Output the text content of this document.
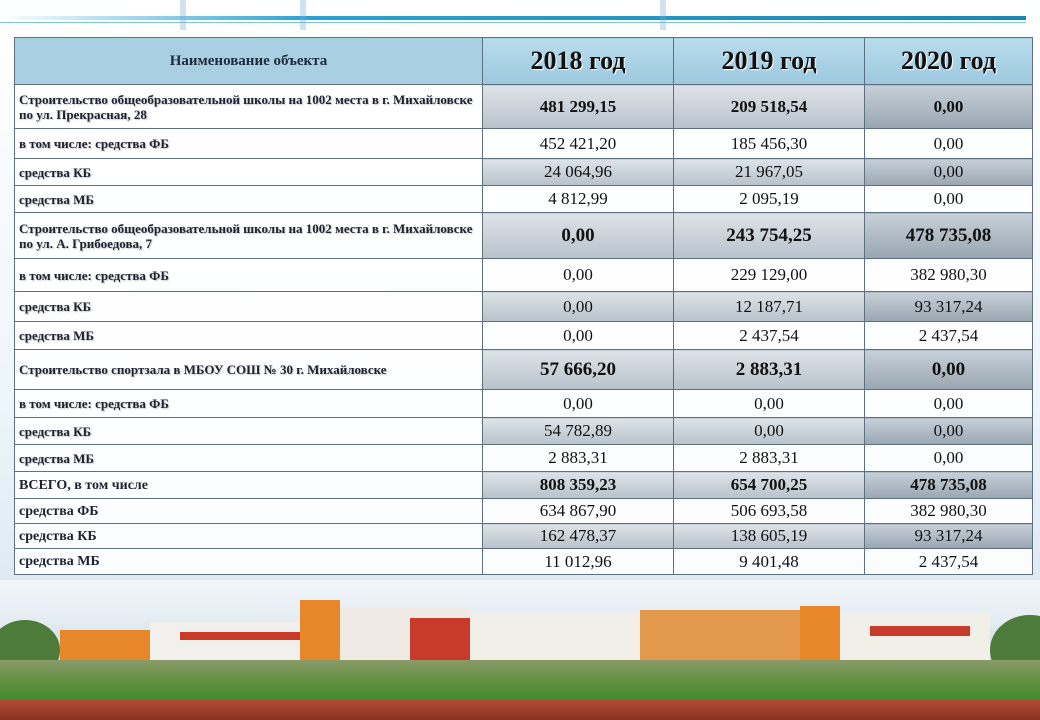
Наименование объекта	2018 год	2019 год	2020 год
Строительство общеобразовательной школы на 1002 места в г. Михайловске по ул. Прекрасная, 28	481 299,15	209 518,54	0,00
в том числе: средства ФБ	452 421,20	185 456,30	0,00
средства КБ	24 064,96	21 967,05	0,00
средства МБ	4 812,99	2 095,19	0,00
Строительство общеобразовательной школы на 1002 места в г. Михайловске по ул. А. Грибоедова, 7	0,00	243 754,25	478 735,08
в том числе: средства ФБ	0,00	229 129,00	382 980,30
средства КБ	0,00	12 187,71	93 317,24
средства МБ	0,00	2 437,54	2 437,54
Строительство спортзала в МБОУ СОШ № 30 г. Михайловске	57 666,20	2 883,31	0,00
в том числе: средства ФБ	0,00	0,00	0,00
средства КБ	54 782,89	0,00	0,00
средства МБ	2 883,31	2 883,31	0,00
ВСЕГО, в том числе	808 359,23	654 700,25	478 735,08
средства ФБ	634 867,90	506 693,58	382 980,30
средства КБ	162 478,37	138 605,19	93 317,24
средства МБ	11 012,96	9 401,48	2 437,54
